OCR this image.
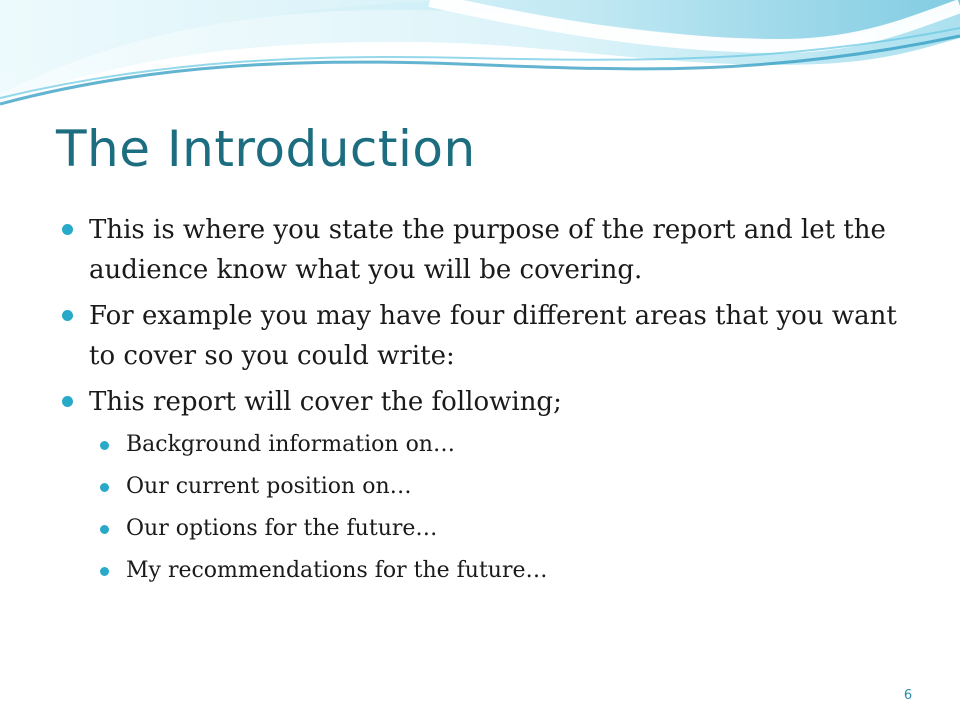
The Introduction
This is where you state the purpose of the report and let the audience know what you will be covering.
For example you may have four different areas that you want to cover so you could write:
This report will cover the following;
Background information on…
Our current position on…
Our options for the future…
My recommendations for the future…
6
